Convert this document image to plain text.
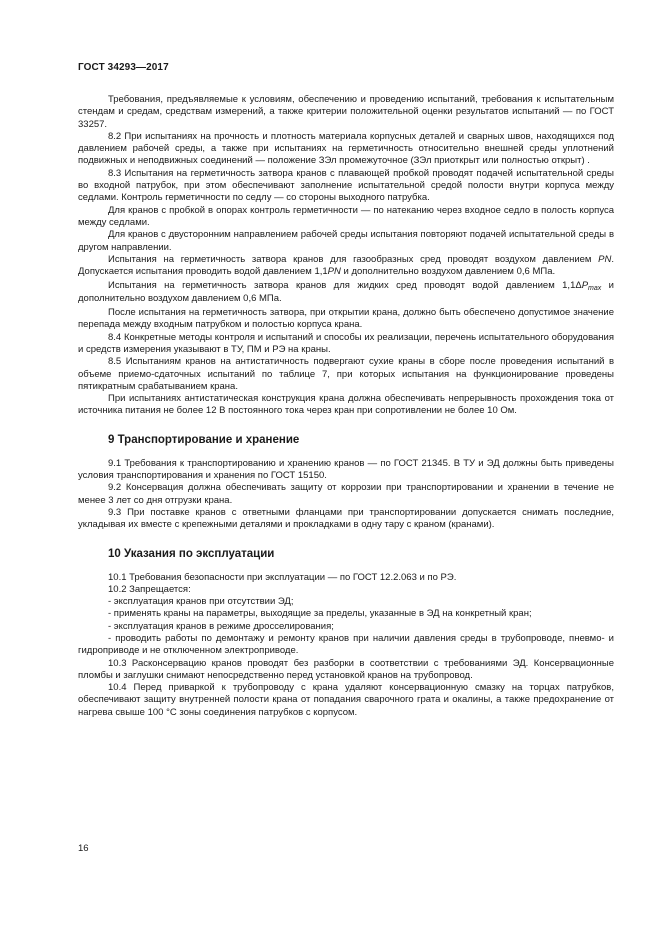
ГОСТ 34293—2017

Требования, предъявляемые к условиям, обеспечению и проведению испытаний, требования к испытательным стендам и средам, средствам измерений, а также критерии положительной оценки результатов испытаний — по ГОСТ 33257.

8.2 При испытаниях на прочность и плотность материала корпусных деталей и сварных швов, находящихся под давлением рабочей среды, а также при испытаниях на герметичность относительно внешней среды уплотнений подвижных и неподвижных соединений — положение ЗЭл промежуточное (ЗЭл приоткрыт или полностью открыт) .

8.3 Испытания на герметичность затвора кранов с плавающей пробкой проводят подачей испытательной среды во входной патрубок, при этом обеспечивают заполнение испытательной средой полости внутри корпуса между седлами. Контроль герметичности по седлу — со стороны выходного патрубка.

Для кранов с пробкой в опорах контроль герметичности — по натеканию через входное седло в полость корпуса между седлами.

Для кранов с двусторонним направлением рабочей среды испытания повторяют подачей испытательной среды в другом направлении.

Испытания на герметичность затвора кранов для газообразных сред проводят воздухом давлением PN. Допускается испытания проводить водой давлением 1,1PN и дополнительно воздухом давлением 0,6 МПа.

Испытания на герметичность затвора кранов для жидких сред проводят водой давлением $1,1\Delta P_{max}$ и дополнительно воздухом давлением 0,6 МПа.

После испытания на герметичность затвора, при открытии крана, должно быть обеспечено допустимое значение перепада между входным патрубком и полостью корпуса крана.

8.4 Конкретные методы контроля и испытаний и способы их реализации, перечень испытательного оборудования и средств измерения указывают в ТУ, ПМ и РЭ на краны.

8.5 Испытаниям кранов на антистатичность подвергают сухие краны в сборе после проведения испытаний в объеме приемо-сдаточных испытаний по таблице 7, при которых испытания на функционирование проведены пятикратным срабатыванием крана.

При испытаниях антистатическая конструкция крана должна обеспечивать непрерывность прохождения тока от источника питания не более 12 В постоянного тока через кран при сопротивлении не более 10 Ом.

9 Транспортирование и хранение

9.1 Требования к транспортированию и хранению кранов — по ГОСТ 21345. В ТУ и ЭД должны быть приведены условия транспортирования и хранения по ГОСТ 15150.

9.2 Консервация должна обеспечивать защиту от коррозии при транспортировании и хранении в течение не менее 3 лет со дня отгрузки крана.

9.3 При поставке кранов с ответными фланцами при транспортировании допускается снимать последние, укладывая их вместе с крепежными деталями и прокладками в одну тару с краном (кранами).

10 Указания по эксплуатации

10.1 Требования безопасности при эксплуатации — по ГОСТ 12.2.063 и по РЭ.

10.2 Запрещается:

- эксплуатация кранов при отсутствии ЭД;

- применять краны на параметры, выходящие за пределы, указанные в ЭД на конкретный кран;

- эксплуатация кранов в режиме дросселирования;

- проводить работы по демонтажу и ремонту кранов при наличии давления среды в трубопроводе, пневмо- и гидроприводе и не отключенном электроприводе.

10.3 Расконсервацию кранов проводят без разборки в соответствии с требованиями ЭД. Консервационные пломбы и заглушки снимают непосредственно перед установкой кранов на трубопровод.

10.4 Перед приваркой к трубопроводу с крана удаляют консервационную смазку на торцах патрубков, обеспечивают защиту внутренней полости крана от попадания сварочного грата и окалины, а также предохранение от нагрева свыше 100 °С зоны соединения патрубков с корпусом.

16
